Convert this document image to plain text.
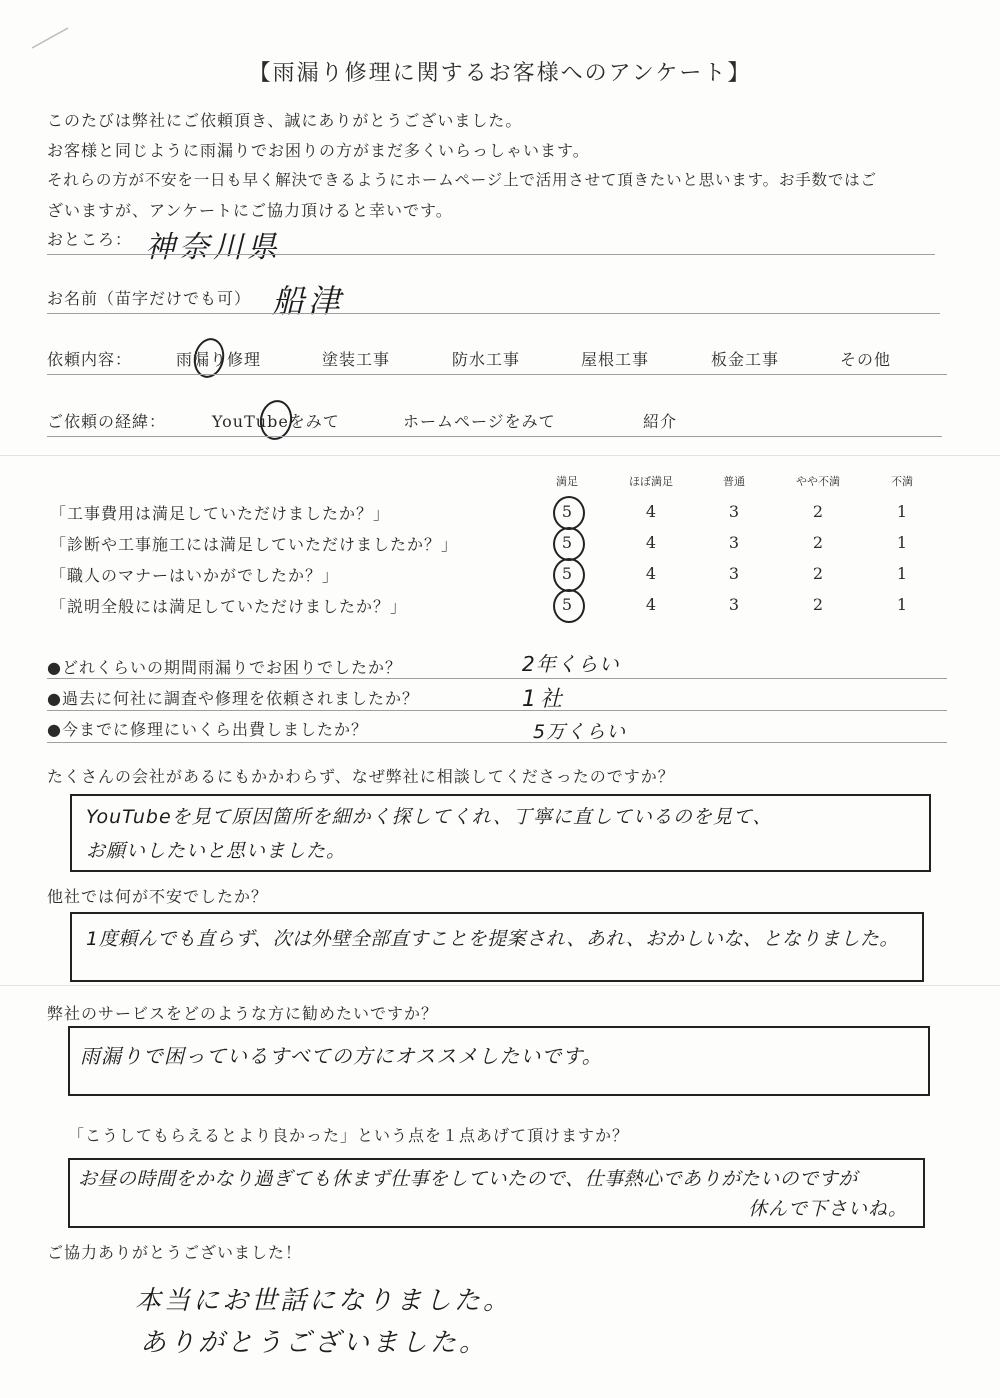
【雨漏り修理に関するお客様へのアンケート】
このたびは弊社にご依頼頂き、誠にありがとうございました。
お客様と同じように雨漏りでお困りの方がまだ多くいらっしゃいます。
それらの方が不安を一日も早く解決できるようにホームページ上で活用させて頂きたいと思います。お手数ではご
ざいますが、アンケートにご協力頂けると幸いです。
おところ： 神奈川県
お名前（苗字だけでも可） 船津
依頼内容：	雨漏り修理	塗装工事	防水工事	屋根工事	板金工事	その他
ご依頼の経緯：	YouTubeをみて	ホームページをみて	紹介
満足	ほぼ満足	普通	やや不満	不満
「工事費用は満足していただけましたか？」	5	4	3	2	1
「診断や工事施工には満足していただけましたか？」	5	4	3	2	1
「職人のマナーはいかがでしたか？」	5	4	3	2	1
「説明全般には満足していただけましたか？」	5	4	3	2	1
●どれくらいの期間雨漏りでお困りでしたか？	2年くらい
●過去に何社に調査や修理を依頼されましたか？	1社
●今までに修理にいくら出費しましたか？	5万くらい
たくさんの会社があるにもかかわらず、なぜ弊社に相談してくださったのですか？
YouTubeを見て原因箇所を細かく探してくれ、丁寧に直しているのを見て、
お願いしたいと思いました。
他社では何が不安でしたか？
1度頼んでも直らず、次は外壁全部直すことを提案され、あれ、おかしいな、となりました。
弊社のサービスをどのような方に勧めたいですか？
雨漏りで困っているすべての方にオススメしたいです。
「こうしてもらえるとより良かった」という点を１点あげて頂けますか？
お昼の時間をかなり過ぎても休まず仕事をしていたので、仕事熱心でありがたいのですが
休んで下さいね。
ご協力ありがとうございました！
本当にお世話になりました。
ありがとうございました。
